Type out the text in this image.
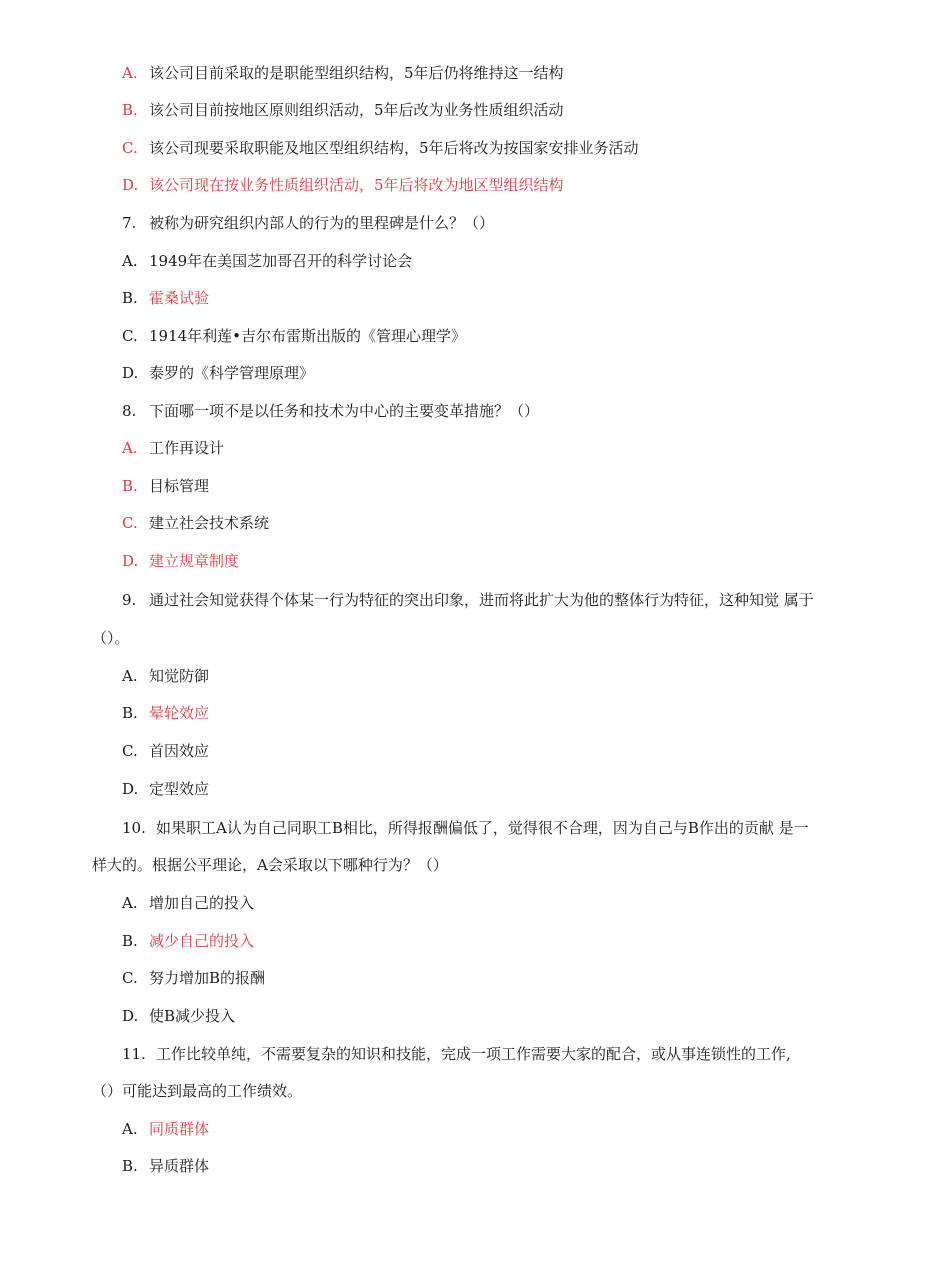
A. 该公司目前采取的是职能型组织结构，5年后仍将维持这一结构
B. 该公司目前按地区原则组织活动，5年后改为业务性质组织活动
C. 该公司现要采取职能及地区型组织结构，5年后将改为按国家安排业务活动
D. 该公司现在按业务性质组织活动，5年后将改为地区型组织结构
7. 被称为研究组织内部人的行为的里程碑是什么？（）
A. 1949年在美国芝加哥召开的科学讨论会
B. 霍桑试验
C. 1914年利莲•吉尔布雷斯出版的《管理心理学》
D. 泰罗的《科学管理原理》
8. 下面哪一项不是以任务和技术为中心的主要变革措施？（）
A. 工作再设计
B. 目标管理
C. 建立社会技术系统
D. 建立规章制度
9. 通过社会知觉获得个体某一行为特征的突出印象，进而将此扩大为他的整体行为特征，这种知觉 属于
（）。
A. 知觉防御
B. 晕轮效应
C. 首因效应
D. 定型效应
10. 如果职工A认为自己同职工B相比，所得报酬偏低了，觉得很不合理，因为自己与B作出的贡献 是一
样大的。根据公平理论，A会采取以下哪种行为？（）
A. 增加自己的投入
B. 减少自己的投入
C. 努力增加B的报酬
D. 使B减少投入
11. 工作比较单纯，不需要复杂的知识和技能，完成一项工作需要大家的配合，或从事连锁性的工作,
（）可能达到最高的工作绩效。
A. 同质群体
B. 异质群体
